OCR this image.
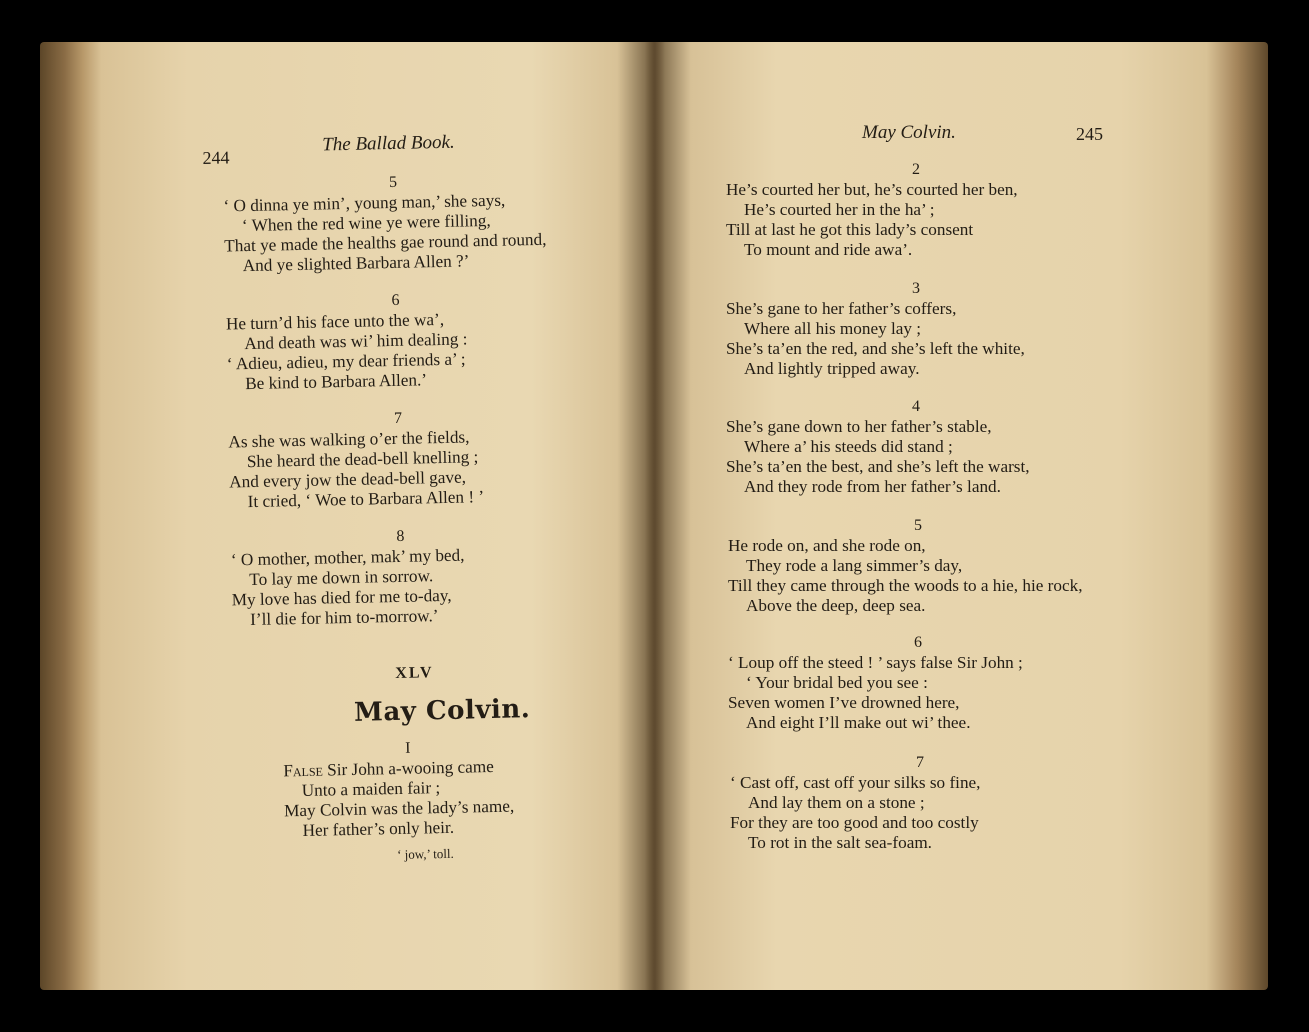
244
The Ballad Book.
5
‘ O dinna ye min’, young man,’ she says,
‘ When the red wine ye were filling,
That ye made the healths gae round and round,
And ye slighted Barbara Allen ?’
6
He turn’d his face unto the wa’,
And death was wi’ him dealing :
‘ Adieu, adieu, my dear friends a’ ;
Be kind to Barbara Allen.’
7
As she was walking o’er the fields,
She heard the dead-bell knelling ;
And every jow the dead-bell gave,
It cried, ‘ Woe to Barbara Allen ! ’
8
‘ O mother, mother, mak’ my bed,
To lay me down in sorrow.
My love has died for me to-day,
I’ll die for him to-morrow.’
XLV
May Colvin.
I
False Sir John a-wooing came
Unto a maiden fair ;
May Colvin was the lady’s name,
Her father’s only heir.
‘ jow,’ toll.
May Colvin.	245
2
He’s courted her but, he’s courted her ben,
He’s courted her in the ha’ ;
Till at last he got this lady’s consent
To mount and ride awa’.
3
She’s gane to her father’s coffers,
Where all his money lay ;
She’s ta’en the red, and she’s left the white,
And lightly tripped away.
4
She’s gane down to her father’s stable,
Where a’ his steeds did stand ;
She’s ta’en the best, and she’s left the warst,
And they rode from her father’s land.
5
He rode on, and she rode on,
They rode a lang simmer’s day,
Till they came through the woods to a hie, hie rock,
Above the deep, deep sea.
6
‘ Loup off the steed ! ’ says false Sir John ;
‘ Your bridal bed you see :
Seven women I’ve drowned here,
And eight I’ll make out wi’ thee.
7
‘ Cast off, cast off your silks so fine,
And lay them on a stone ;
For they are too good and too costly
To rot in the salt sea-foam.
